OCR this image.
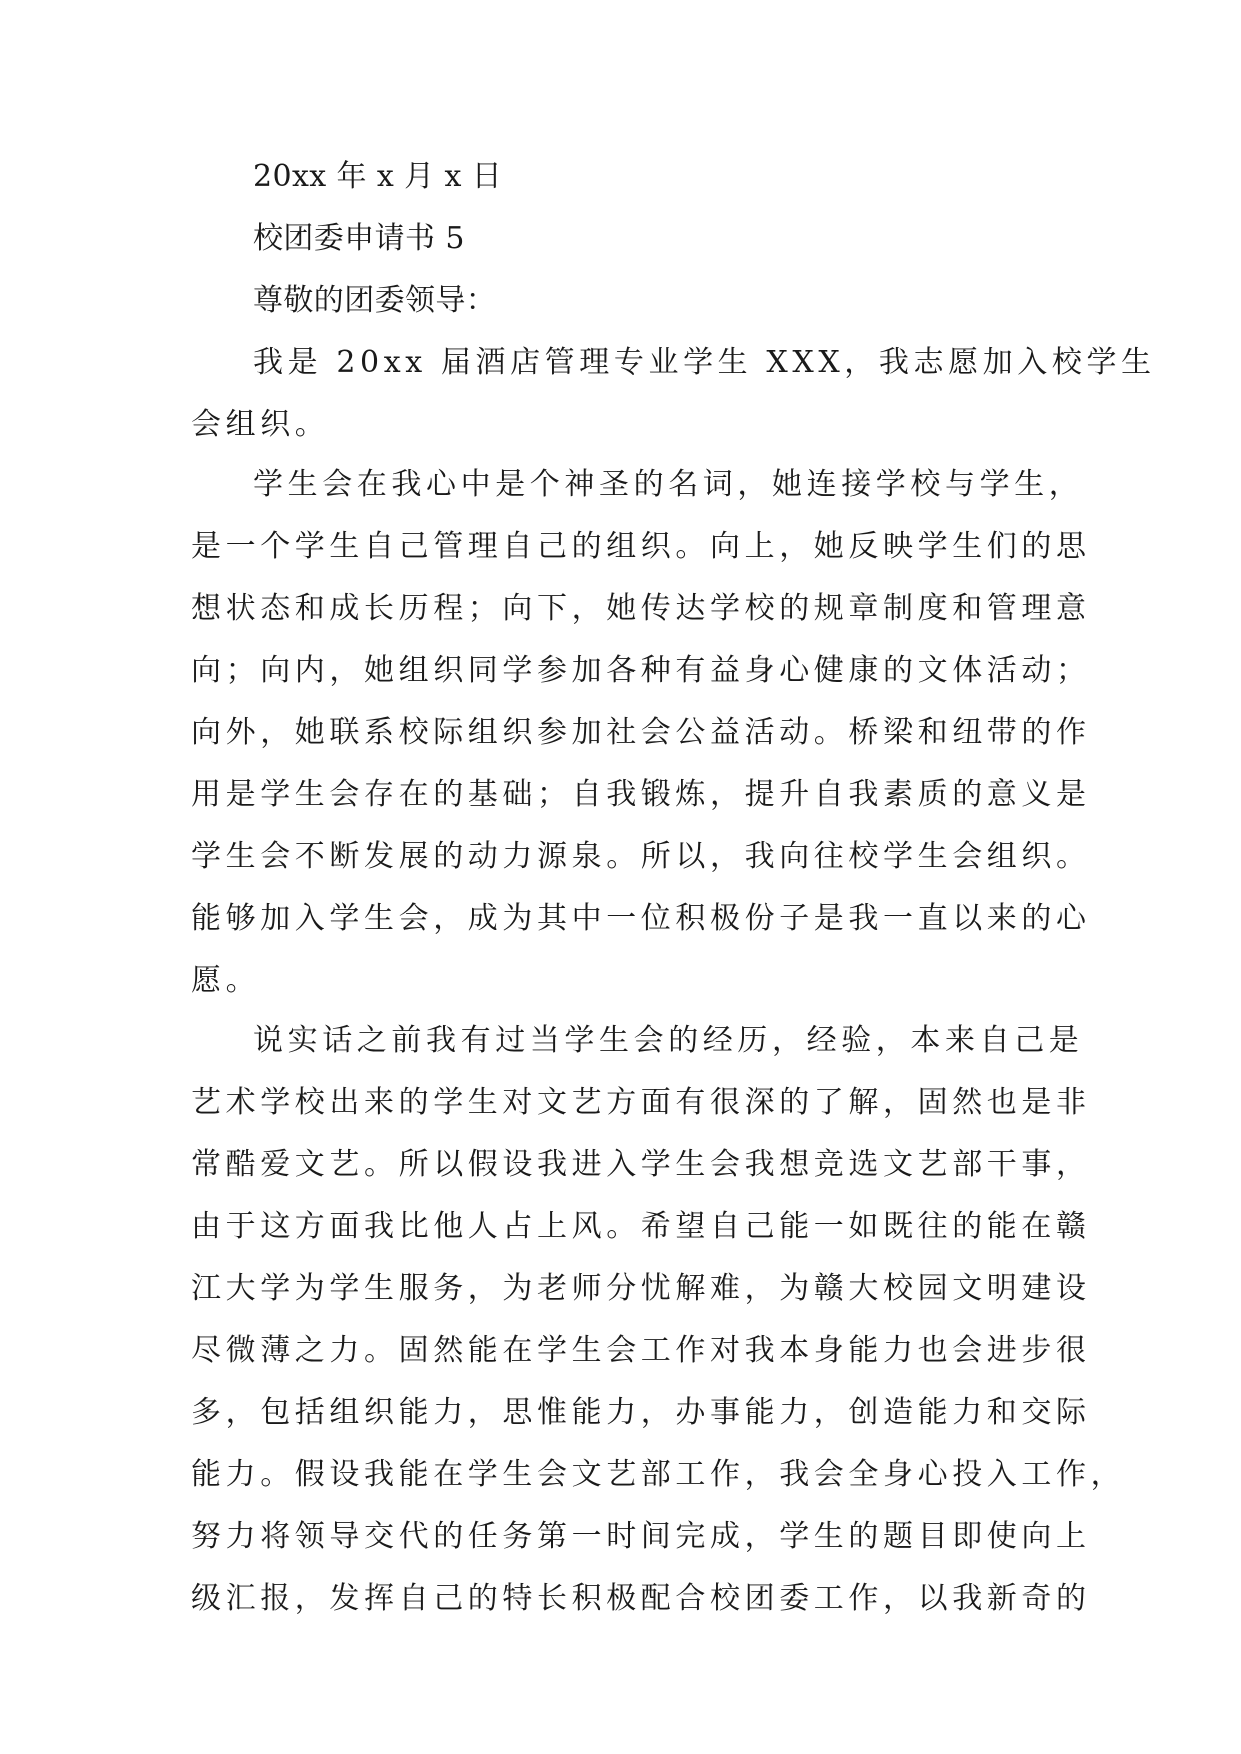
20xx 年 x 月 x 日
校团委申请书 5
尊敬的团委领导：
我是 20xx 届酒店管理专业学生 XXX，我志愿加入校学生
会组织。
学生会在我心中是个神圣的名词，她连接学校与学生，
是一个学生自己管理自己的组织。向上，她反映学生们的思
想状态和成长历程；向下，她传达学校的规章制度和管理意
向；向内，她组织同学参加各种有益身心健康的文体活动；
向外，她联系校际组织参加社会公益活动。桥梁和纽带的作
用是学生会存在的基础；自我锻炼，提升自我素质的意义是
学生会不断发展的动力源泉。所以，我向往校学生会组织。
能够加入学生会，成为其中一位积极份子是我一直以来的心
愿。
说实话之前我有过当学生会的经历，经验，本来自己是
艺术学校出来的学生对文艺方面有很深的了解，固然也是非
常酷爱文艺。所以假设我进入学生会我想竞选文艺部干事，
由于这方面我比他人占上风。希望自己能一如既往的能在赣
江大学为学生服务，为老师分忧解难，为赣大校园文明建设
尽微薄之力。固然能在学生会工作对我本身能力也会进步很
多，包括组织能力，思惟能力，办事能力，创造能力和交际
能力。假设我能在学生会文艺部工作，我会全身心投入工作，
努力将领导交代的任务第一时间完成，学生的题目即使向上
级汇报，发挥自己的特长积极配合校团委工作，以我新奇的
